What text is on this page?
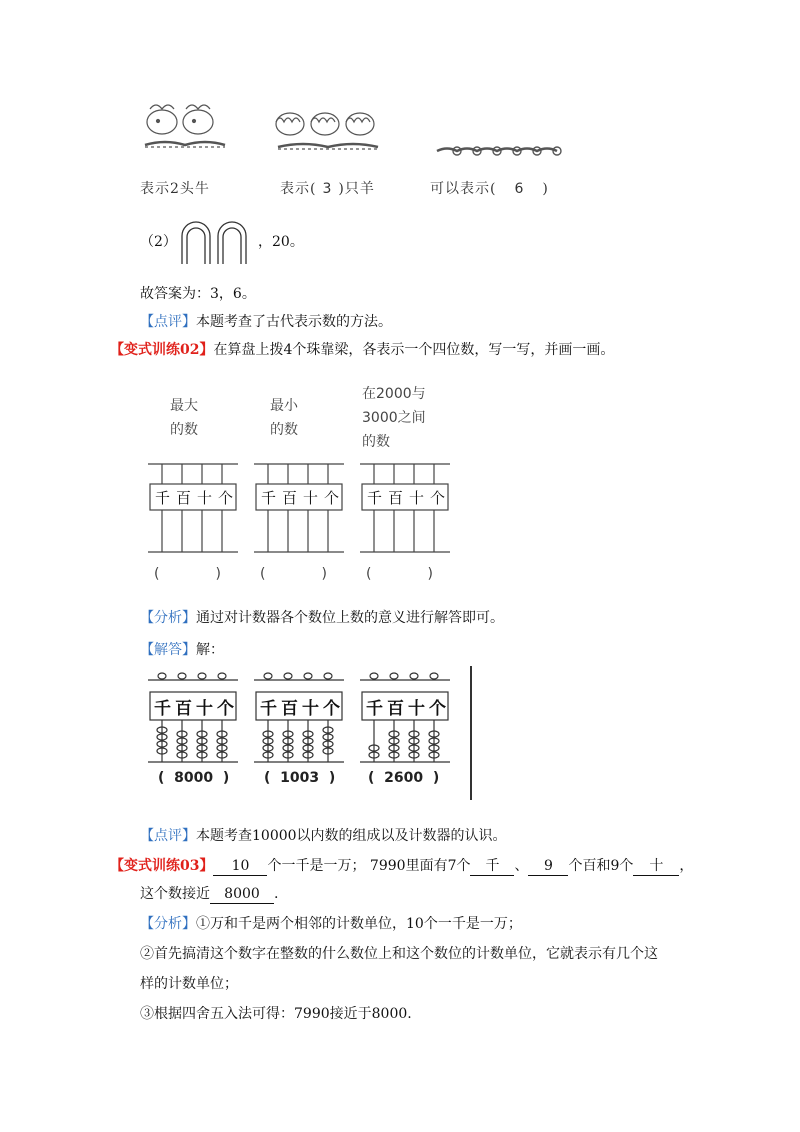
表示2头牛	表示( 3 )只羊	可以表示( 6 )
（2）	，20。
故答案为：3，6。
【点评】本题考查了古代表示数的方法。
【变式训练02】在算盘上拨4个珠靠梁，各表示一个四位数，写一写，并画一画。
最大
的数
最小
的数
在2000与
3000之间
的数
千 百 十 个 千 百 十 个 千 百 十 个
(　　　　)	(　　　　)	(　　　　)
【分析】通过对计数器各个数位上数的意义进行解答即可。
【解答】解：
千 百 十 个 千 百 十 个 千 百 十 个
(  8000  ) (  1003  ) (  2600  )
【点评】本题考查10000以内数的组成以及计数器的认识。
【变式训练03】 10 个一千是一万； 7990里面有7个 千 、 9 个百和9个 十 ，
这个数接近 8000 .
【分析】①万和千是两个相邻的计数单位，10个一千是一万；
②首先搞清这个数字在整数的什么数位上和这个数位的计数单位，它就表示有几个这
样的计数单位；
③根据四舍五入法可得：7990接近于8000.
